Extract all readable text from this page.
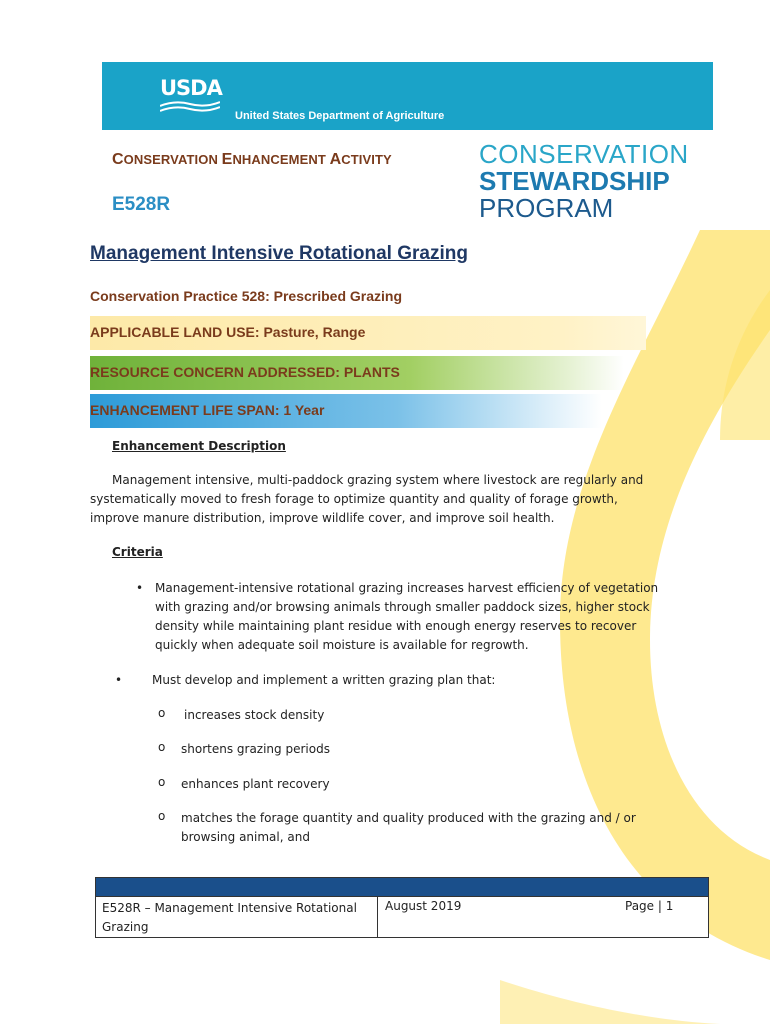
USDA
United States Department of Agriculture
CONSERVATION ENHANCEMENT ACTIVITY
E528R
CONSERVATION
STEWARDSHIP
PROGRAM
Management Intensive Rotational Grazing
Conservation Practice 528: Prescribed Grazing
APPLICABLE LAND USE: Pasture, Range
RESOURCE CONCERN ADDRESSED: PLANTS
ENHANCEMENT LIFE SPAN: 1 Year
Enhancement Description
Management intensive, multi-paddock grazing system where livestock are regularly and
systematically moved to fresh forage to optimize quantity and quality of forage growth,
improve manure distribution, improve wildlife cover, and improve soil health.
Criteria
• Management-intensive rotational grazing increases harvest efficiency of vegetation
with grazing and/or browsing animals through smaller paddock sizes, higher stock
density while maintaining plant residue with enough energy reserves to recover
quickly when adequate soil moisture is available for regrowth.
• Must develop and implement a written grazing plan that:
o increases stock density
o shortens grazing periods
o enhances plant recovery
o matches the forage quantity and quality produced with the grazing and / or
browsing animal, and
E528R – Management Intensive Rotational
Grazing
August 2019	Page | 1
